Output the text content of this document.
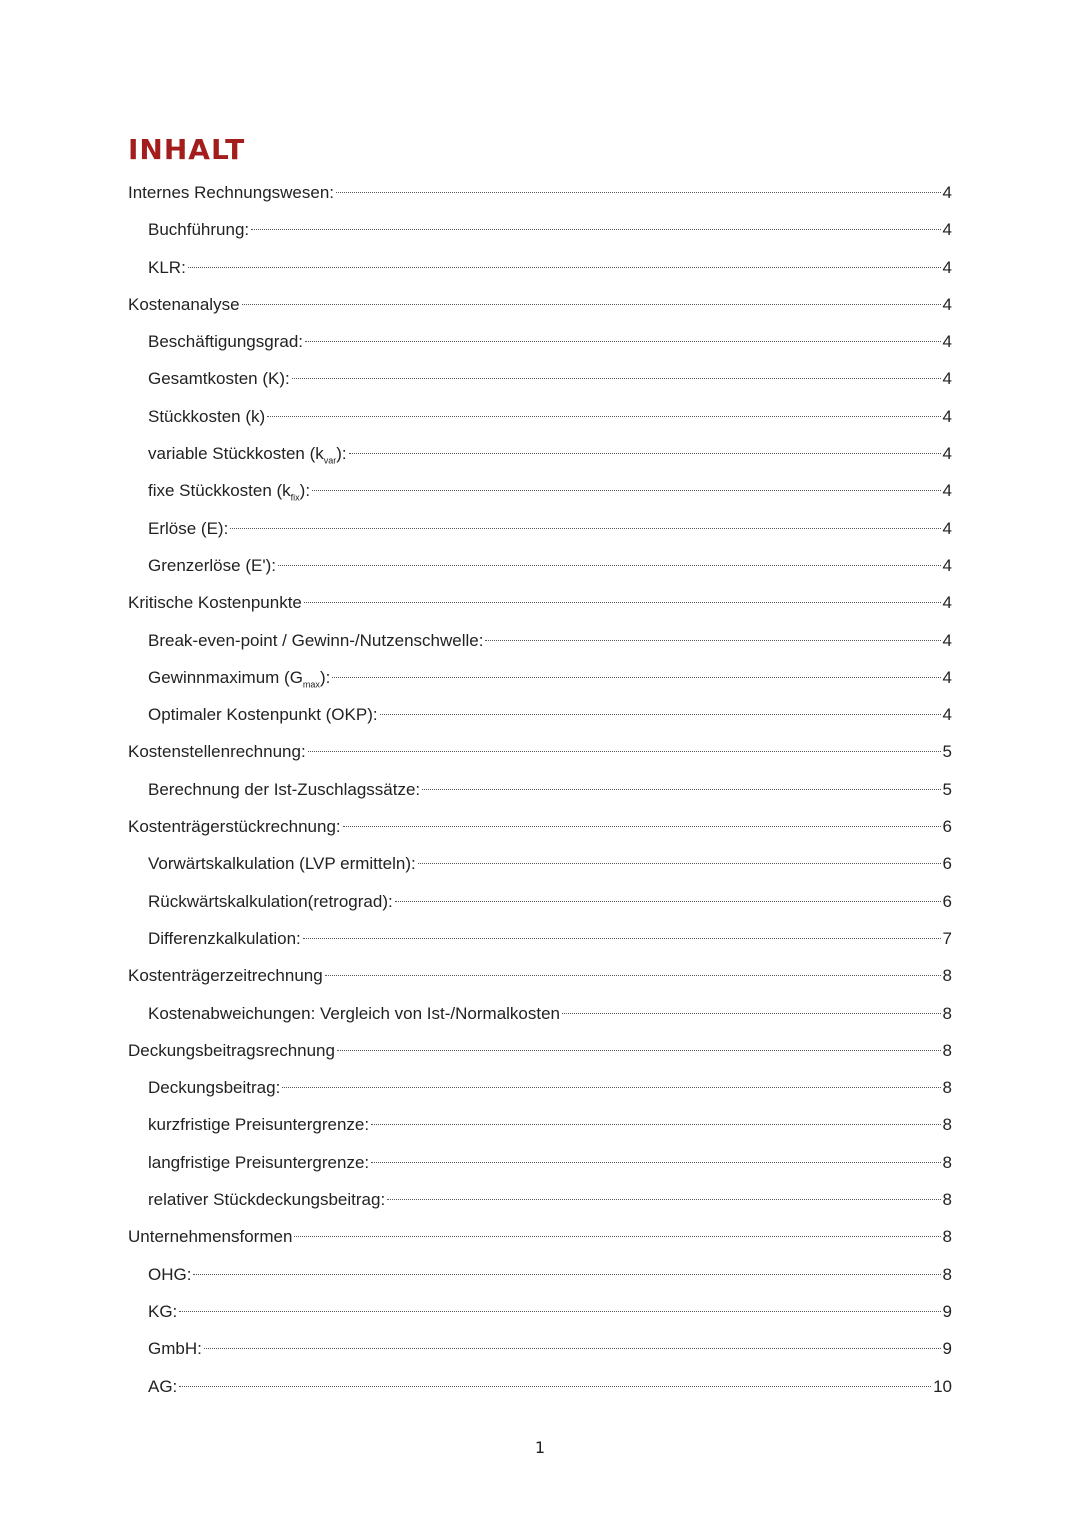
INHALT
Internes Rechnungswesen:	4
Buchführung:	4
KLR:	4
Kostenanalyse	4
Beschäftigungsgrad:	4
Gesamtkosten (K):	4
Stückkosten (k)	4
variable Stückkosten $(k_{var})$:	4
fixe Stückkosten $(k_{fix})$:	4
Erlöse (E):	4
Grenzerlöse (E'):	4
Kritische Kostenpunkte	4
Break-even-point / Gewinn-/Nutzenschwelle:	4
Gewinnmaximum $(G_{max})$:	4
Optimaler Kostenpunkt (OKP):	4
Kostenstellenrechnung:	5
Berechnung der Ist-Zuschlagssätze:	5
Kostenträgerstückrechnung:	6
Vorwärtskalkulation (LVP ermitteln):	6
Rückwärtskalkulation(retrograd):	6
Differenzkalkulation:	7
Kostenträgerzeitrechnung	8
Kostenabweichungen: Vergleich von Ist-/Normalkosten	8
Deckungsbeitragsrechnung	8
Deckungsbeitrag:	8
kurzfristige Preisuntergrenze:	8
langfristige Preisuntergrenze:	8
relativer Stückdeckungsbeitrag:	8
Unternehmensformen	8
OHG:	8
KG:	9
GmbH:	9
AG:	10
1
